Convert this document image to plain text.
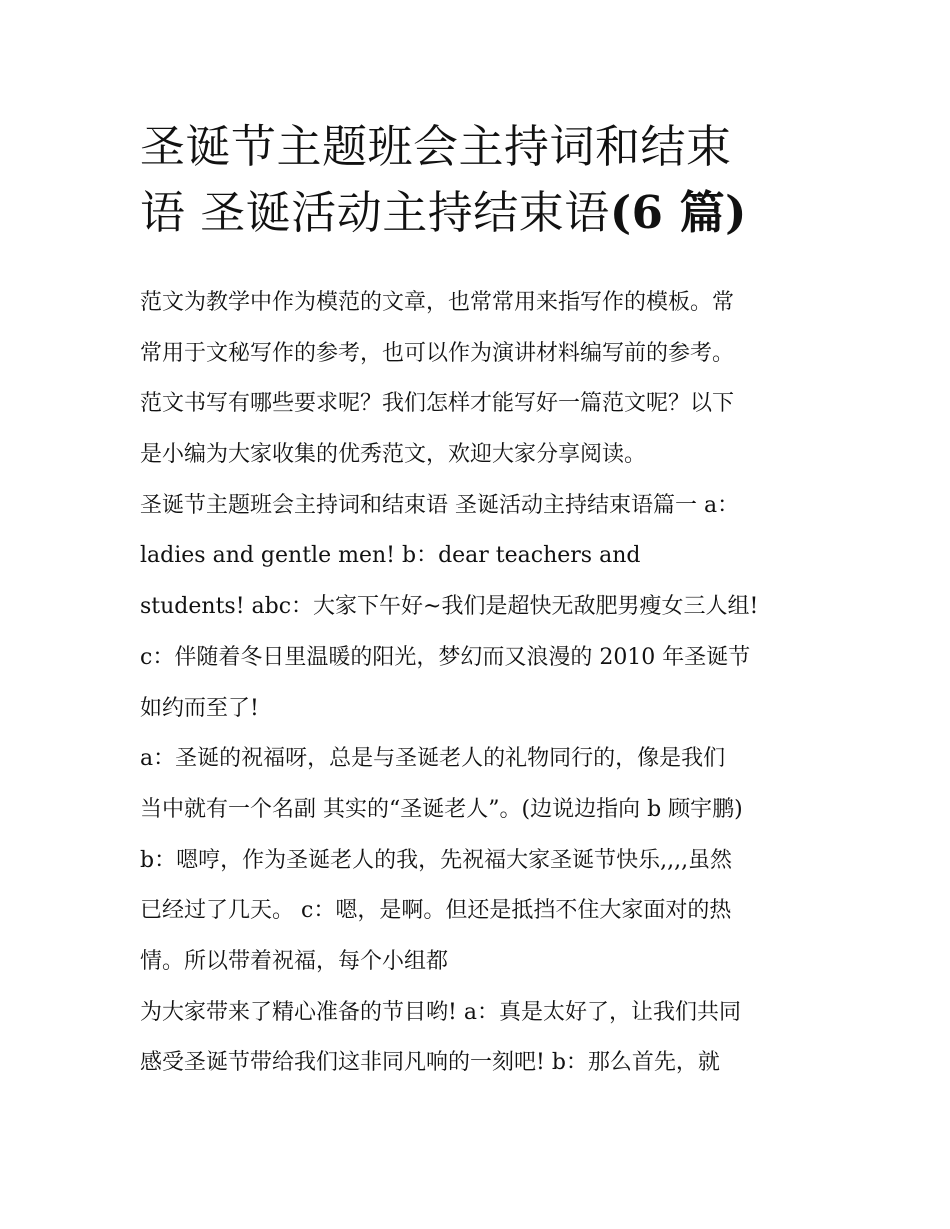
圣诞节主题班会主持词和结束
语 圣诞活动主持结束语(6 篇)
范文为教学中作为模范的文章，也常常用来指写作的模板。常
常用于文秘写作的参考，也可以作为演讲材料编写前的参考。
范文书写有哪些要求呢？我们怎样才能写好一篇范文呢？以下
是小编为大家收集的优秀范文，欢迎大家分享阅读。
圣诞节主题班会主持词和结束语 圣诞活动主持结束语篇一 a：
ladies and gentle men! b：dear teachers and
students! abc：大家下午好~我们是超快无敌肥男瘦女三人组!
c：伴随着冬日里温暖的阳光，梦幻而又浪漫的 2010 年圣诞节
如约而至了!
a：圣诞的祝福呀，总是与圣诞老人的礼物同行的，像是我们
当中就有一个名副 其实的“圣诞老人”。(边说边指向 b 顾宇鹏)
b：嗯哼，作为圣诞老人的我，先祝福大家圣诞节快乐,,,,虽然
已经过了几天。 c：嗯，是啊。但还是抵挡不住大家面对的热
情。所以带着祝福，每个小组都
为大家带来了精心准备的节目哟! a：真是太好了，让我们共同
感受圣诞节带给我们这非同凡响的一刻吧! b：那么首先，就
